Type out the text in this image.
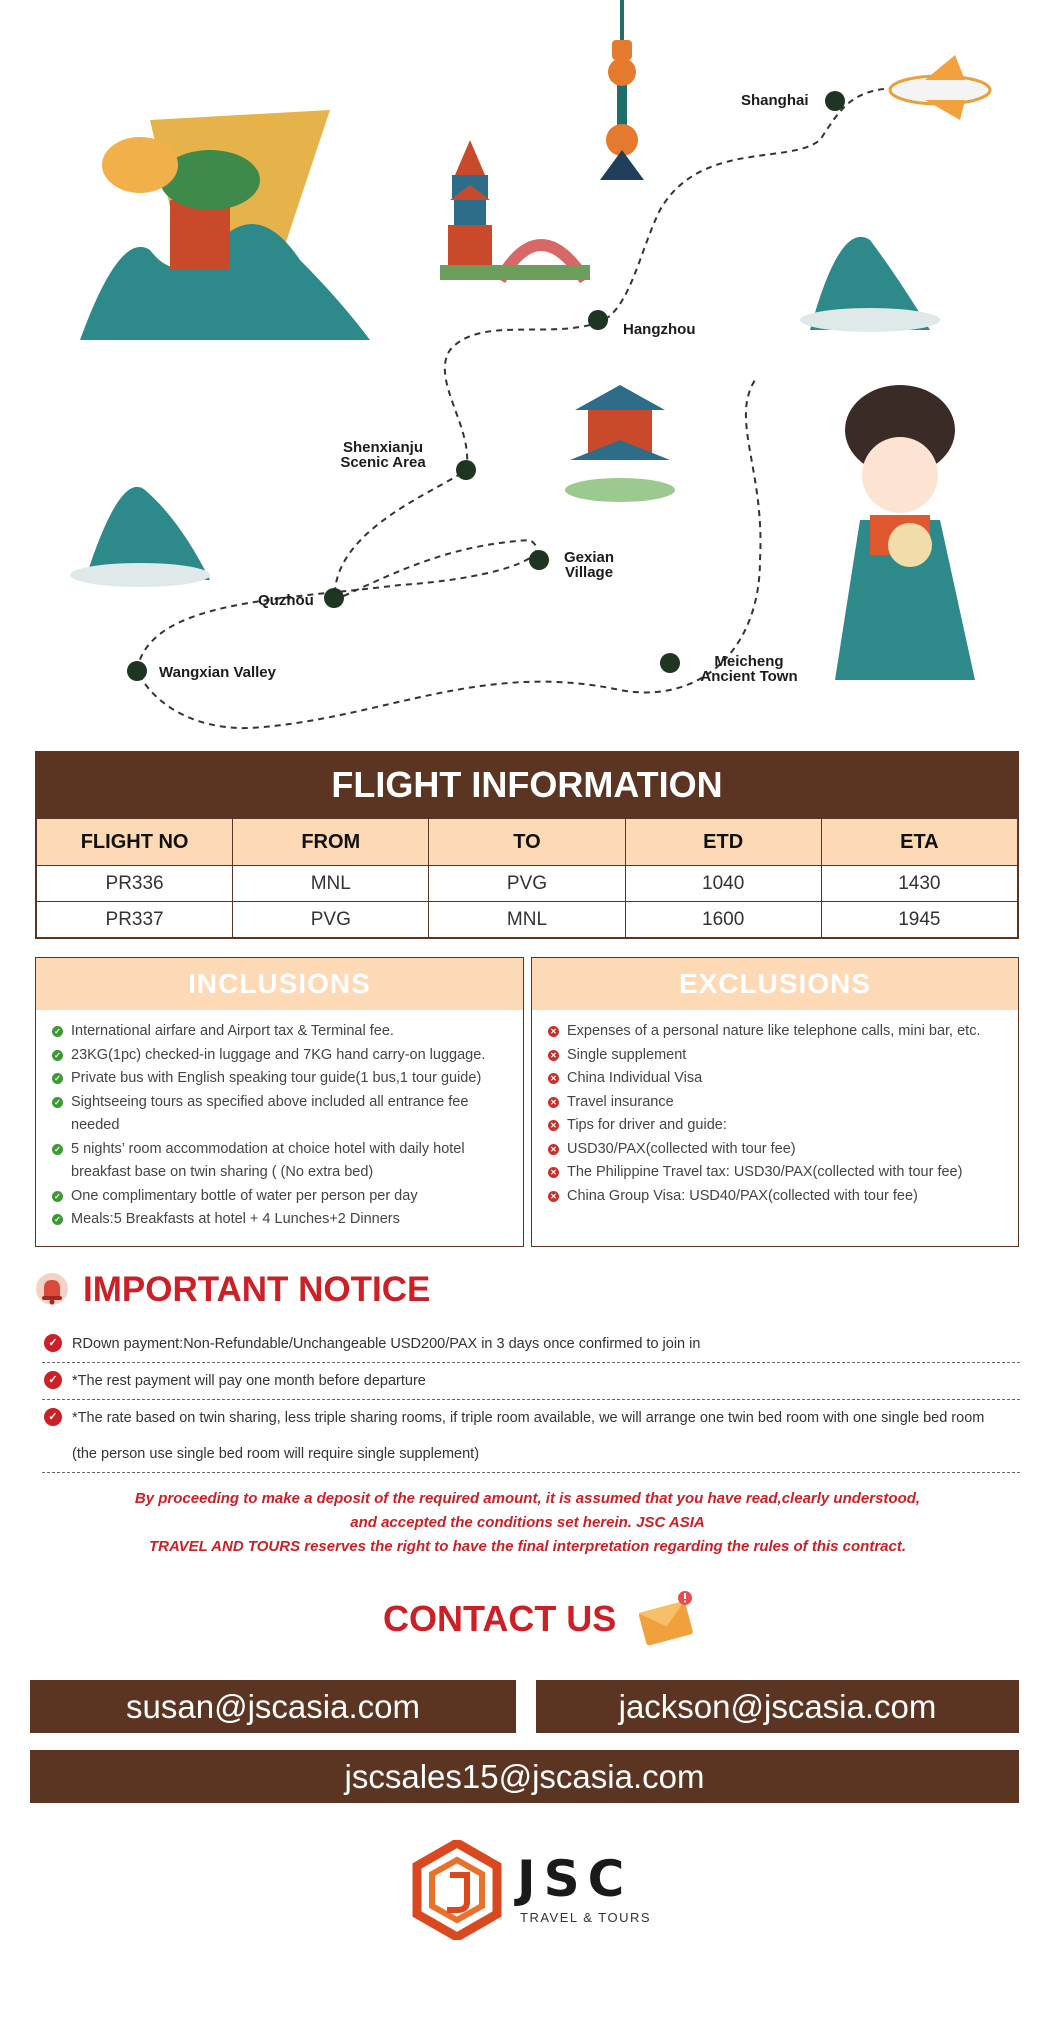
Shanghai
Hangzhou
Shenxianju
Scenic Area
Gexian
Village
Quzhou
Wangxian Valley
Meicheng
Ancient Town
FLIGHT INFORMATION
FLIGHT NO	FROM	TO	ETD	ETA
PR336	MNL	PVG	1040	1430
PR337	PVG	MNL	1600	1945
INCLUSIONS
✓ International airfare and Airport tax & Terminal fee.
✓ 23KG(1pc) checked-in luggage and 7KG hand carry-on luggage.
✓ Private bus with English speaking tour guide(1 bus,1 tour guide)
✓ Sightseeing tours as specified above included all entrance fee needed
✓ 5 nights’ room accommodation at choice hotel with daily hotel breakfast base on twin sharing ( (No extra bed)
✓ One complimentary bottle of water per person per day
✓ Meals:5 Breakfasts at hotel + 4 Lunches+2 Dinners
EXCLUSIONS
✕ Expenses of a personal nature like telephone calls, mini bar, etc.
✕ Single supplement
✕ China Individual Visa
✕ Travel insurance
✕ Tips for driver and guide:
✕ USD30/PAX(collected with tour fee)
✕ The Philippine Travel tax: USD30/PAX(collected with tour fee)
✕ China Group Visa: USD40/PAX(collected with tour fee)
IMPORTANT NOTICE
✓ RDown payment:Non-Refundable/Unchangeable USD200/PAX in 3 days once confirmed to join in
✓ *The rest payment will pay one month before departure
✓ *The rate based on twin sharing, less triple sharing rooms, if triple room available, we will arrange one twin bed room with one single bed room
(the person use single bed room will require single supplement)
By proceeding to make a deposit of the required amount, it is assumed that you have read,clearly understood,
and accepted the conditions set herein. JSC ASIA
TRAVEL AND TOURS reserves the right to have the final interpretation regarding the rules of this contract.
CONTACT US
susan@jscasia.com	jackson@jscasia.com
jscsales15@jscasia.com
JSC
TRAVEL & TOURS
